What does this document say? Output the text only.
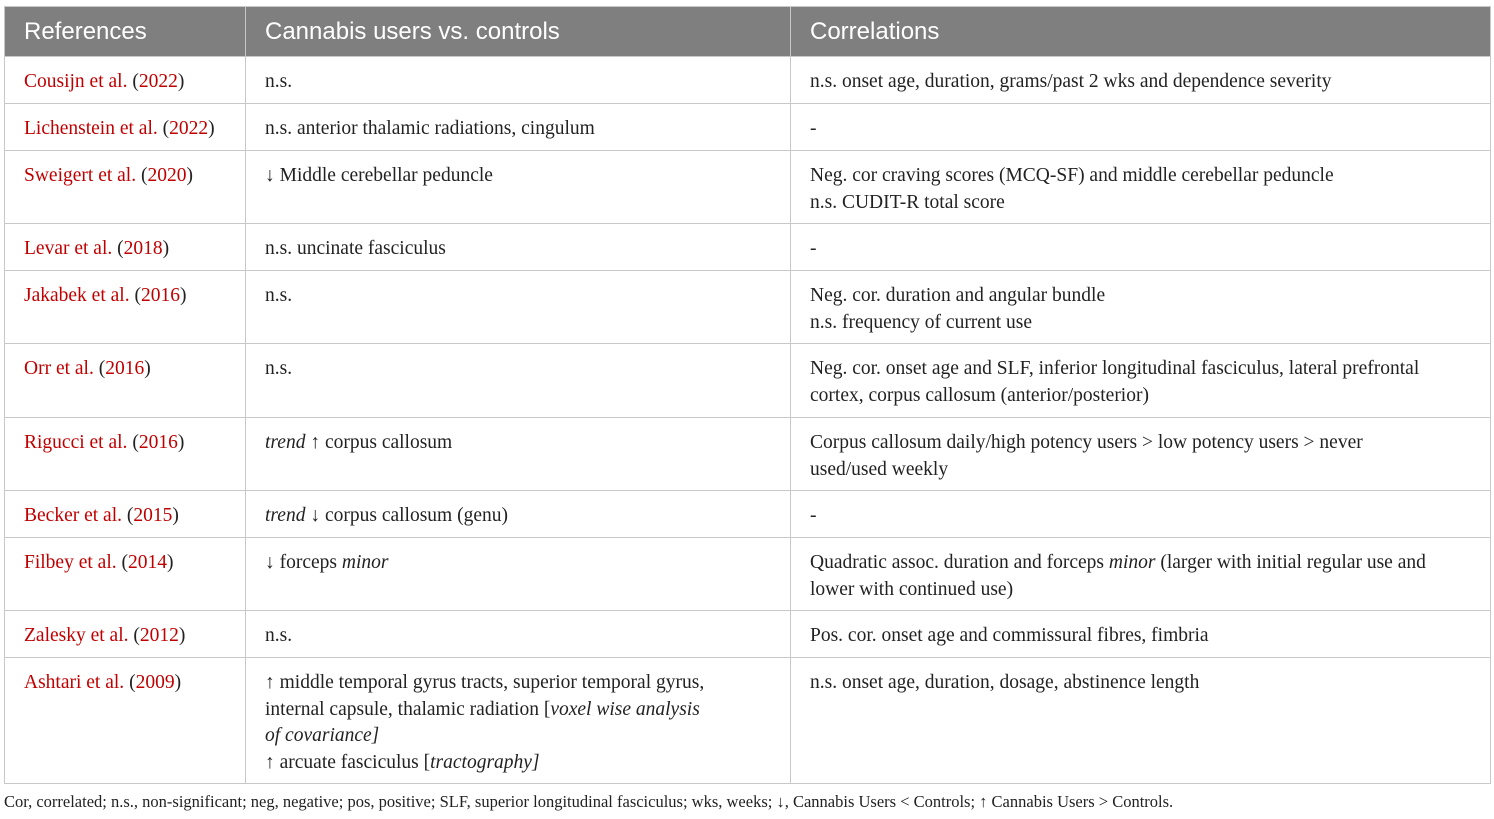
References	Cannabis users vs. controls	Correlations
Cousijn et al. (2022)	n.s.	n.s. onset age, duration, grams/past 2 wks and dependence severity

Lichenstein et al. (2022)	n.s. anterior thalamic radiations, cingulum	-

Sweigert et al. (2020)	↓ Middle cerebellar peduncle	Neg. cor craving scores (MCQ-SF) and middle cerebellar peduncle
n.s. CUDIT-R total score

Levar et al. (2018)	n.s. uncinate fasciculus	-

Jakabek et al. (2016)	n.s.	Neg. cor. duration and angular bundle
n.s. frequency of current use

Orr et al. (2016)	n.s.	Neg. cor. onset age and SLF, inferior longitudinal fasciculus, lateral prefrontal
cortex, corpus callosum (anterior/posterior)

Rigucci et al. (2016)	trend ↑ corpus callosum	Corpus callosum daily/high potency users > low potency users > never
used/used weekly

Becker et al. (2015)	trend ↓ corpus callosum (genu)	-

Filbey et al. (2014)	↓ forceps minor	Quadratic assoc. duration and forceps minor (larger with initial regular use and
lower with continued use)

Zalesky et al. (2012)	n.s.	Pos. cor. onset age and commissural fibres, fimbria

Ashtari et al. (2009)	↑ middle temporal gyrus tracts, superior temporal gyrus,
internal capsule, thalamic radiation [voxel wise analysis
of covariance]
↑ arcuate fasciculus [tractography]	n.s. onset age, duration, dosage, abstinence length
Cor, correlated; n.s., non-significant; neg, negative; pos, positive; SLF, superior longitudinal fasciculus; wks, weeks; ↓, Cannabis Users < Controls; ↑ Cannabis Users > Controls.
